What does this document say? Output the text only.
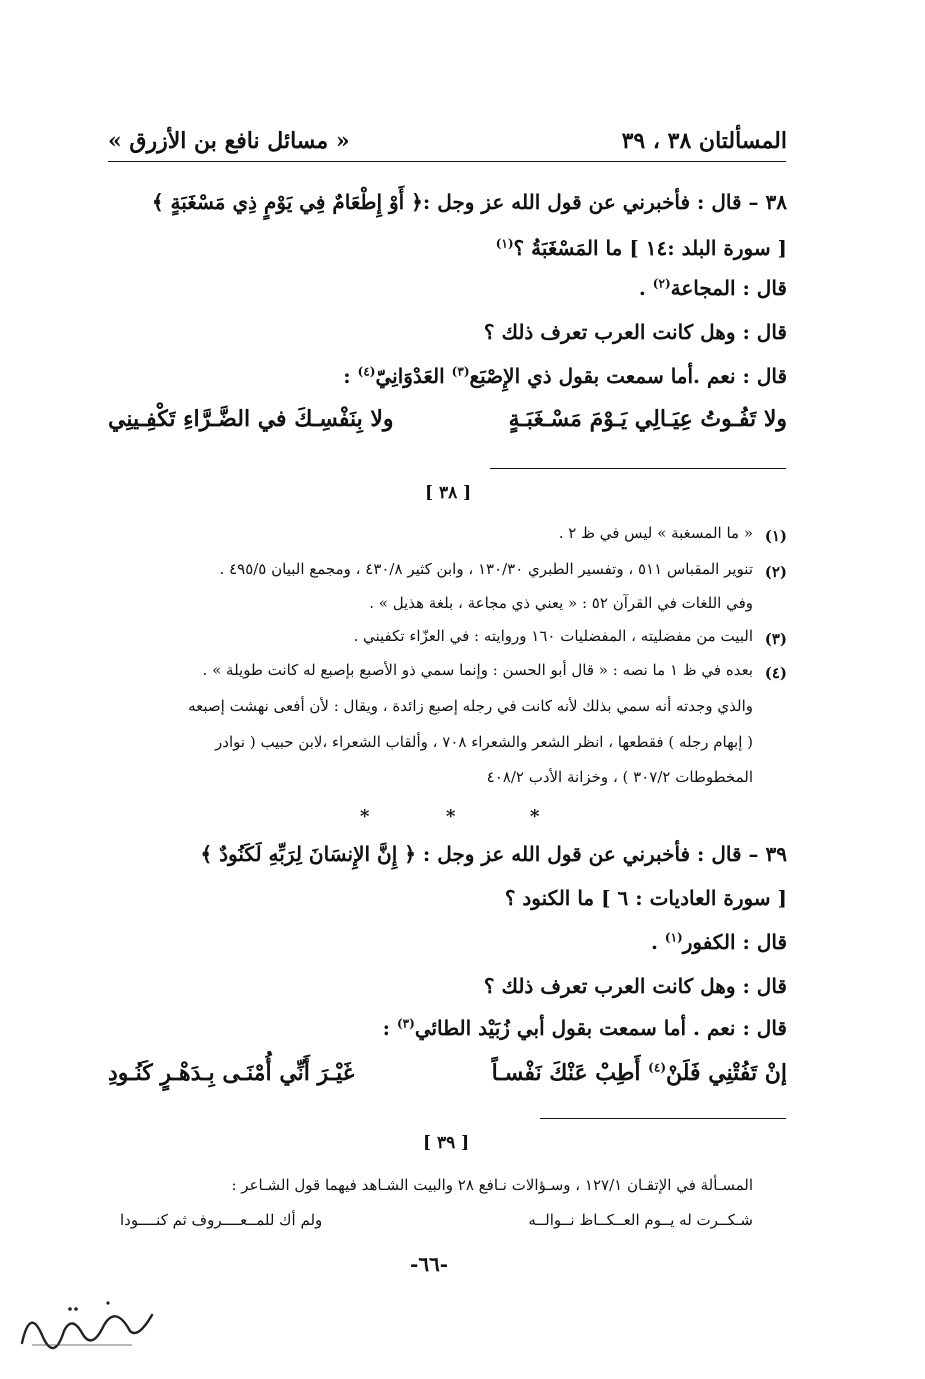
المسألتان ٣٨ ، ٣٩
« مسائل نافع بن الأزرق »
٣٨ – قال : فأخبرني عن قول الله عز وجل :﴿ أَوْ إِطْعَامٌ فِي يَوْمٍ ذِي مَسْغَبَةٍ ﴾
[ سورة البلد :١٤ ] ما المَسْغَبَةُ ؟$^{(١)}$
قال : المجاعة$^{(٢)}$ .
قال : وهل كانت العرب تعرف ذلك ؟
قال : نعم .أما سمعت بقول ذي الإِصْبَع$^{(٣)}$ العَدْوَانِيّ$^{(٤)}$ :
ولا تَفُـوتُ عِيَـالِي يَـوْمَ مَسْـغَبَـةٍ
ولا بِنَفْسِـكَ في الضَّـرَّاءِ تَكْفِـينِي
[ ٣٨ ]
(١)
« ما المسغبة » ليس في ظ ٢ .
(٢)
تنوير المقباس ٥١١ ، وتفسير الطبري ١٣٠/٣٠ ، وابن كثير ٤٣٠/٨ ، ومجمع البيان ٤٩٥/٥ .
وفي اللغات في القرآن ٥٢ : « يعني ذي مجاعة ، بلغة هذيل » .
(٣)
البيت من مفضليته ، المفضليات ١٦٠ وروايته : في العزّاء تكفيني .
(٤)
بعده في ظ ١ ما نصه : « قال أبو الحسن : وإنما سمي ذو الأصبع بإصبع له كانت طويلة » .
والذي وجدته أنه سمي بذلك لأنه كانت في رجله إصبع زائدة ، ويقال : لأن أفعى نهشت إصبعه
( إبهام رجله ) فقطعها ، انظر الشعر والشعراء ٧٠٨ ، وألقاب الشعراء ،لابن حبيب ( نوادر
المخطوطات ٣٠٧/٢ ) ، وخزانة الأدب ٤٠٨/٢
*	*	*
٣٩ – قال : فأخبرني عن قول الله عز وجل : ﴿ إِنَّ الإِنسَانَ لِرَبِّهِ لَكَنُودٌ ﴾
[ سورة العاديات : ٦ ] ما الكنود ؟
قال : الكفور$^{(١)}$ .
قال : وهل كانت العرب تعرف ذلك ؟
قال : نعم . أما سمعت بقول أبي زُبَيْد الطائي$^{(٣)}$ :
إنْ تَفُتْنِي فَلَنْ$^{(٤)}$ أَطِبْ عَنْكَ نَفْسـاً
غَيْـرَ أَنِّي أُمْنَـى بِـدَهْـرٍ كَنُـودِ
[ ٣٩ ]
المسـألة في الإتقـان ١٢٧/١ ، وسـؤالات نـافع ٢٨ والبيت الشـاهد فيهما قول الشـاعر :
شـكــرت له يــوم العــكــاظ نــوالــه
ولم أك للمــعــــروف ثم كنــــودا
-٦٦-
